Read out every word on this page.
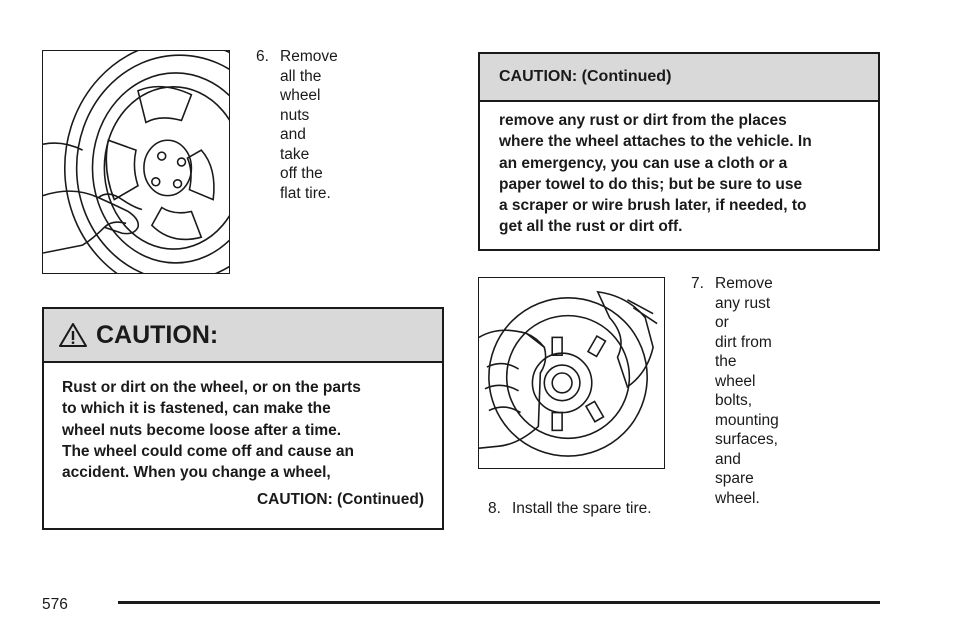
6. Remove all the
wheel nuts and take
off the flat tire.
CAUTION:
Rust or dirt on the wheel, or on the parts
to which it is fastened, can make the
wheel nuts become loose after a time.
The wheel could come off and cause an
accident. When you change a wheel,
CAUTION: (Continued)
CAUTION: (Continued)
remove any rust or dirt from the places
where the wheel attaches to the vehicle. In
an emergency, you can use a cloth or a
paper towel to do this; but be sure to use
a scraper or wire brush later, if needed, to
get all the rust or dirt off.
7. Remove any rust or
dirt from the wheel
bolts, mounting
surfaces, and spare
wheel.
8. Install the spare tire.
576
